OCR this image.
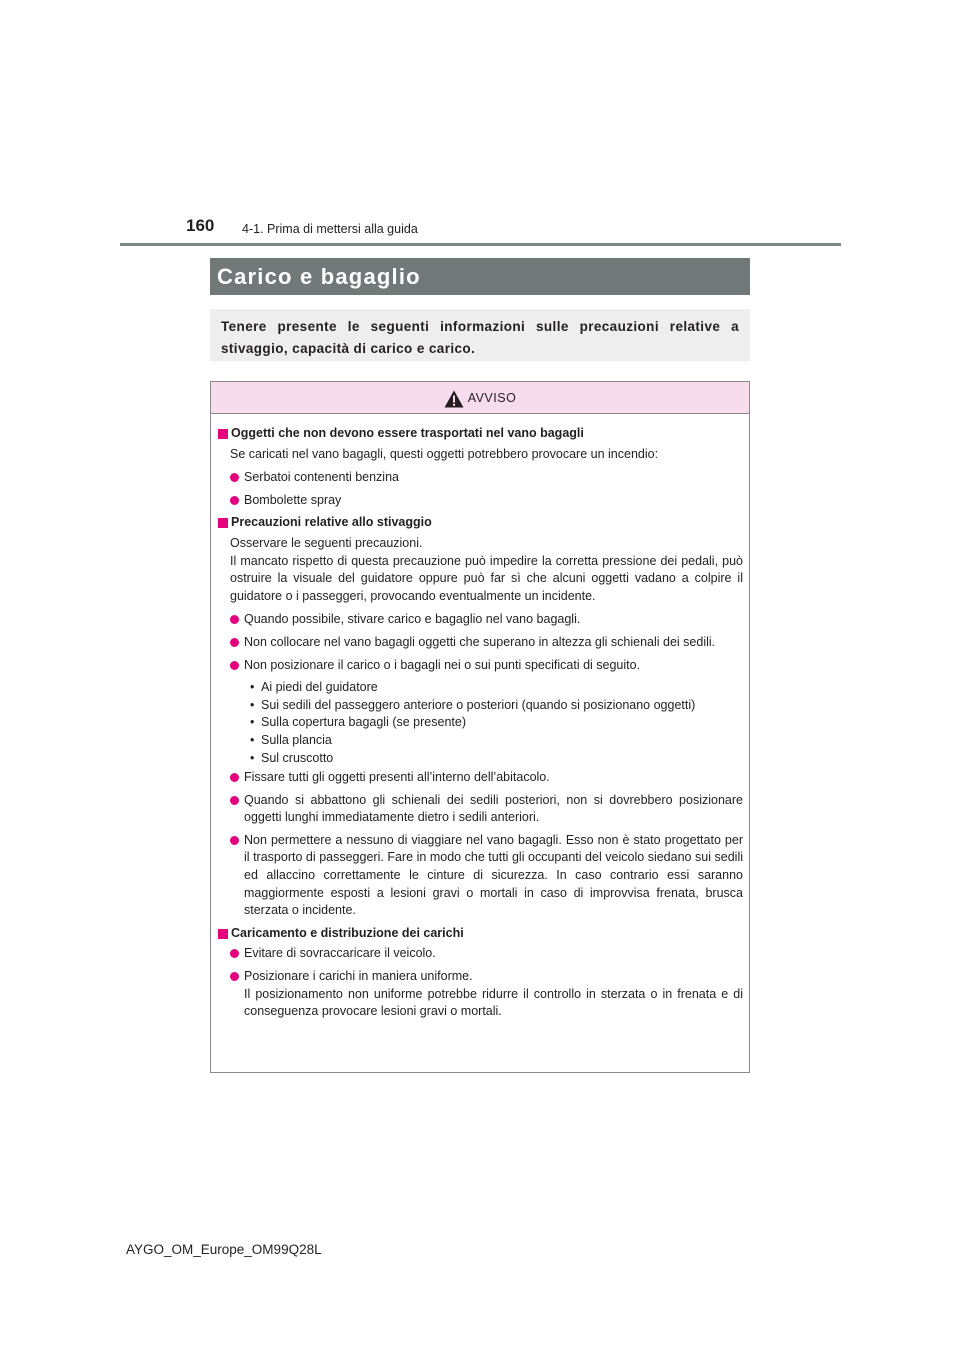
160 4-1. Prima di mettersi alla guida
Carico e bagaglio

Tenere presente le seguenti informazioni sulle precauzioni relative a stivaggio, capacità di carico e carico.

AVVISO
Oggetti che non devono essere trasportati nel vano bagagli

Se caricati nel vano bagagli, questi oggetti potrebbero provocare un incendio:

Serbatoi contenenti benzina
Bombolette spray
Precauzioni relative allo stivaggio

Osservare le seguenti precauzioni.

Il mancato rispetto di questa precauzione può impedire la corretta pressione dei pedali, può ostruire la visuale del guidatore oppure può far sì che alcuni oggetti vadano a colpire il guidatore o i passeggeri, provocando eventualmente un incidente.

Quando possibile, stivare carico e bagaglio nel vano bagagli.
Non collocare nel vano bagagli oggetti che superano in altezza gli schienali dei sedili.
Non posizionare il carico o i bagagli nei o sui punti specificati di seguito.
• Ai piedi del guidatore
• Sui sedili del passeggero anteriore o posteriori (quando si posizionano oggetti)
• Sulla copertura bagagli (se presente)
• Sulla plancia
• Sul cruscotto
Fissare tutti gli oggetti presenti all’interno dell’abitacolo.
Quando si abbattono gli schienali dei sedili posteriori, non si dovrebbero posizionare oggetti lunghi immediatamente dietro i sedili anteriori.
Non permettere a nessuno di viaggiare nel vano bagagli. Esso non è stato progettato per il trasporto di passeggeri. Fare in modo che tutti gli occupanti del veicolo siedano sui sedili ed allaccino correttamente le cinture di sicurezza. In caso contrario essi saranno maggiormente esposti a lesioni gravi o mortali in caso di improvvisa frenata, brusca sterzata o incidente.
Caricamento e distribuzione dei carichi
Evitare di sovraccaricare il veicolo.
Posizionare i carichi in maniera uniforme.

Il posizionamento non uniforme potrebbe ridurre il controllo in sterzata o in frenata e di conseguenza provocare lesioni gravi o mortali.

AYGO_OM_Europe_OM99Q28L
